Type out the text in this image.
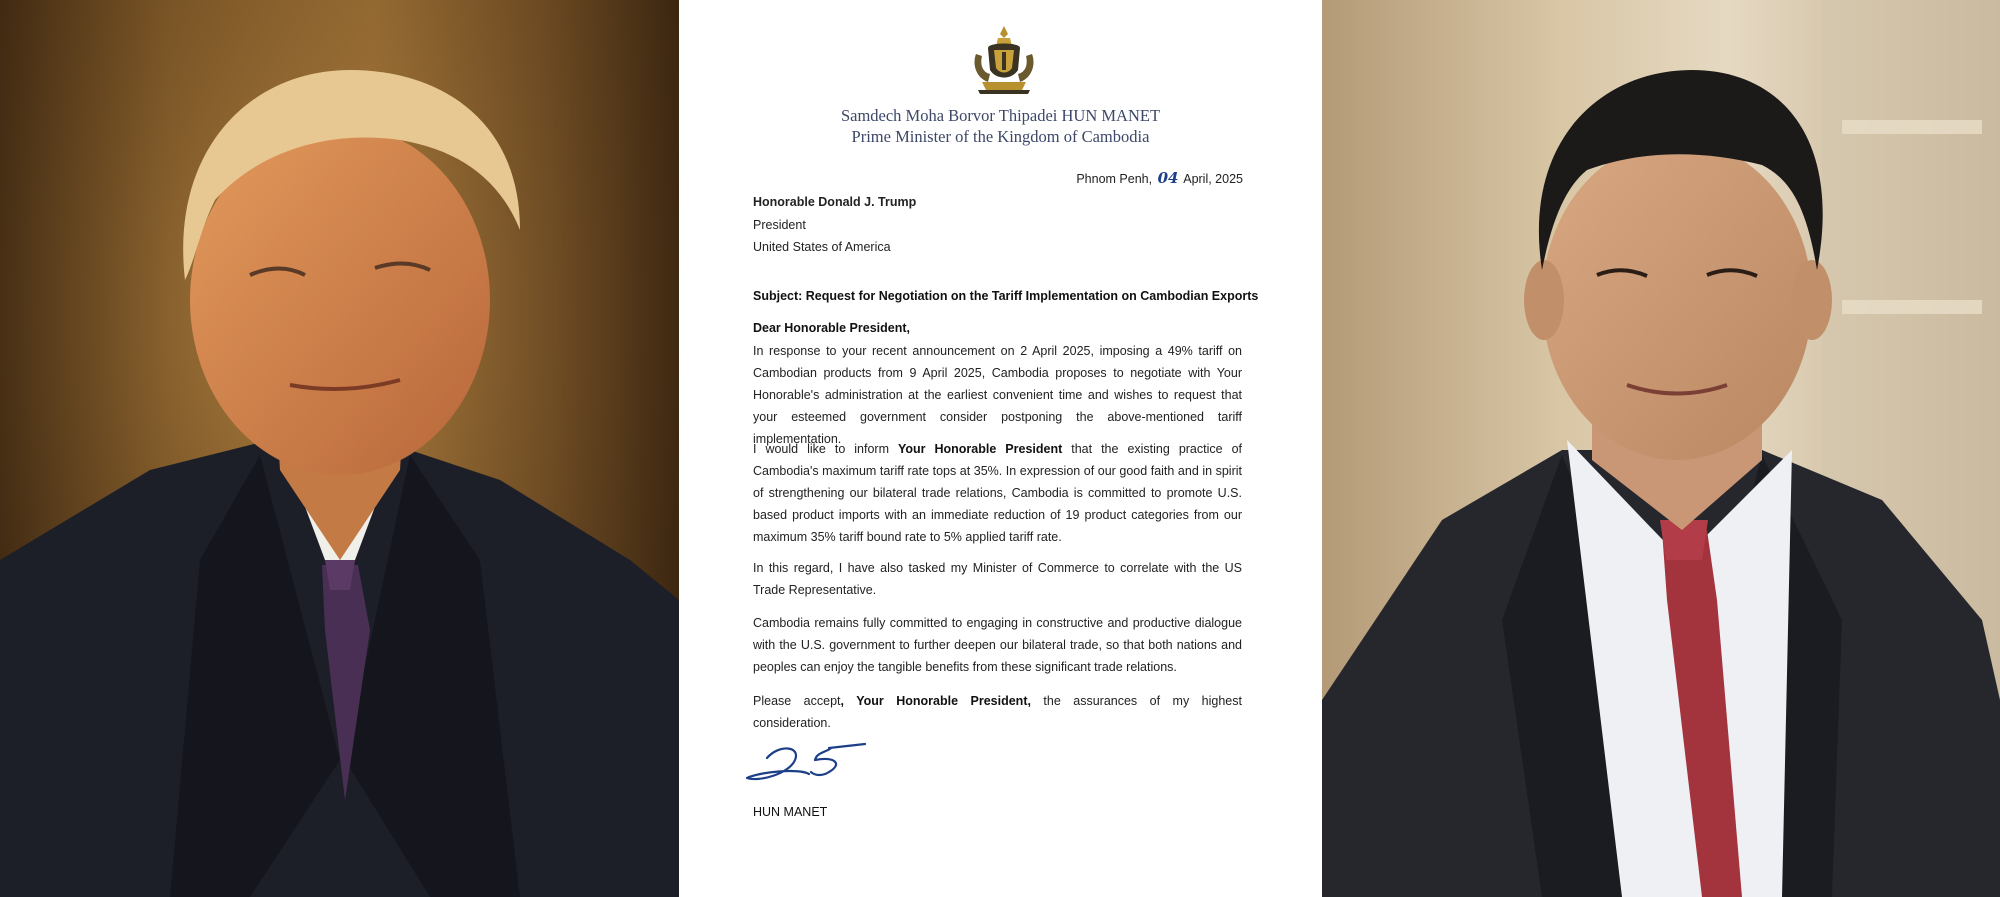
Samdech Moha Borvor Thipadei HUN MANET
Prime Minister of the Kingdom of Cambodia
Phnom Penh, 04 April, 2025
Honorable Donald J. Trump
President
United States of America
Subject: Request for Negotiation on the Tariff Implementation on Cambodian Exports
Dear Honorable President,

In response to your recent announcement on 2 April 2025, imposing a 49% tariff on Cambodian products from 9 April 2025, Cambodia proposes to negotiate with Your Honorable's administration at the earliest convenient time and wishes to request that your esteemed government consider postponing the above-mentioned tariff implementation.

I would like to inform Your Honorable President that the existing practice of Cambodia's maximum tariff rate tops at 35%. In expression of our good faith and in spirit of strengthening our bilateral trade relations, Cambodia is committed to promote U.S. based product imports with an immediate reduction of 19 product categories from our maximum 35% tariff bound rate to 5% applied tariff rate.

In this regard, I have also tasked my Minister of Commerce to correlate with the US Trade Representative.

Cambodia remains fully committed to engaging in constructive and productive dialogue with the U.S. government to further deepen our bilateral trade, so that both nations and peoples can enjoy the tangible benefits from these significant trade relations.

Please accept, Your Honorable President, the assurances of my highest consideration.

HUN MANET
